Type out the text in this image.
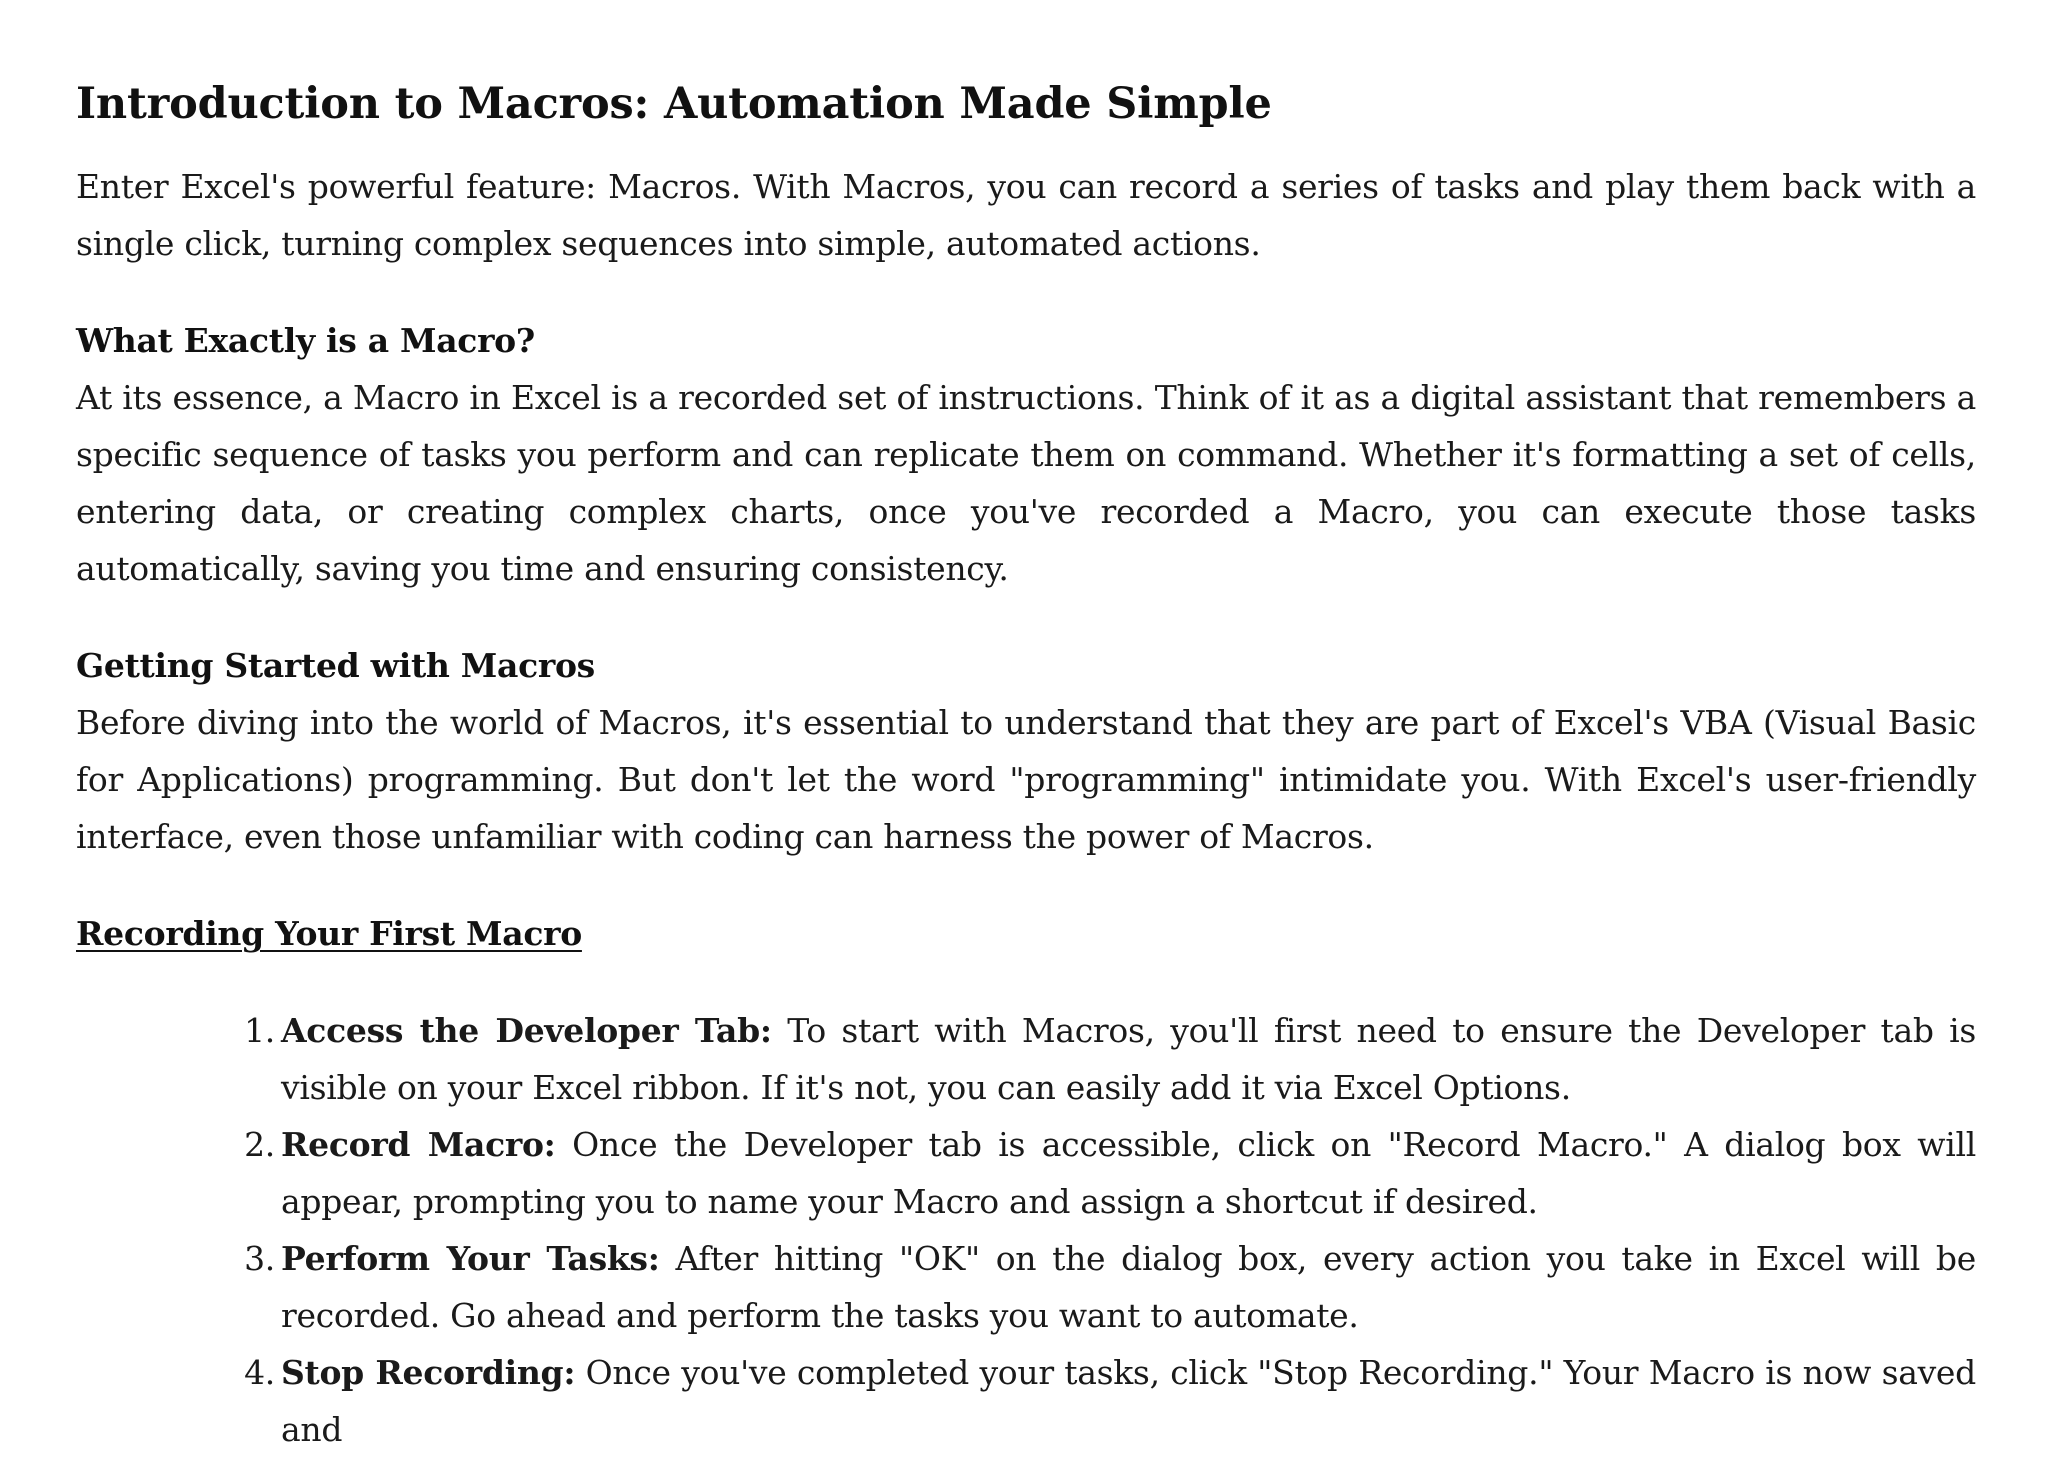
Introduction to Macros: Automation Made Simple

Enter Excel's powerful feature: Macros. With Macros, you can record a series of tasks and play them back with a single click, turning complex sequences into simple, automated actions.

What Exactly is a Macro?

At its essence, a Macro in Excel is a recorded set of instructions. Think of it as a digital assistant that remembers a specific sequence of tasks you perform and can replicate them on command. Whether it's formatting a set of cells, entering data, or creating complex charts, once you've recorded a Macro, you can execute those tasks automatically, saving you time and ensuring consistency.

Getting Started with Macros

Before diving into the world of Macros, it's essential to understand that they are part of Excel's VBA (Visual Basic for Applications) programming. But don't let the word "programming" intimidate you. With Excel's user-friendly interface, even those unfamiliar with coding can harness the power of Macros.

Recording Your First Macro
1. Access the Developer Tab: To start with Macros, you'll first need to ensure the Developer tab is visible on your Excel ribbon. If it's not, you can easily add it via Excel Options.
2. Record Macro: Once the Developer tab is accessible, click on "Record Macro." A dialog box will appear, prompting you to name your Macro and assign a shortcut if desired.
3. Perform Your Tasks: After hitting "OK" on the dialog box, every action you take in Excel will be recorded. Go ahead and perform the tasks you want to automate.
4. Stop Recording: Once you've completed your tasks, click "Stop Recording." Your Macro is now saved and
